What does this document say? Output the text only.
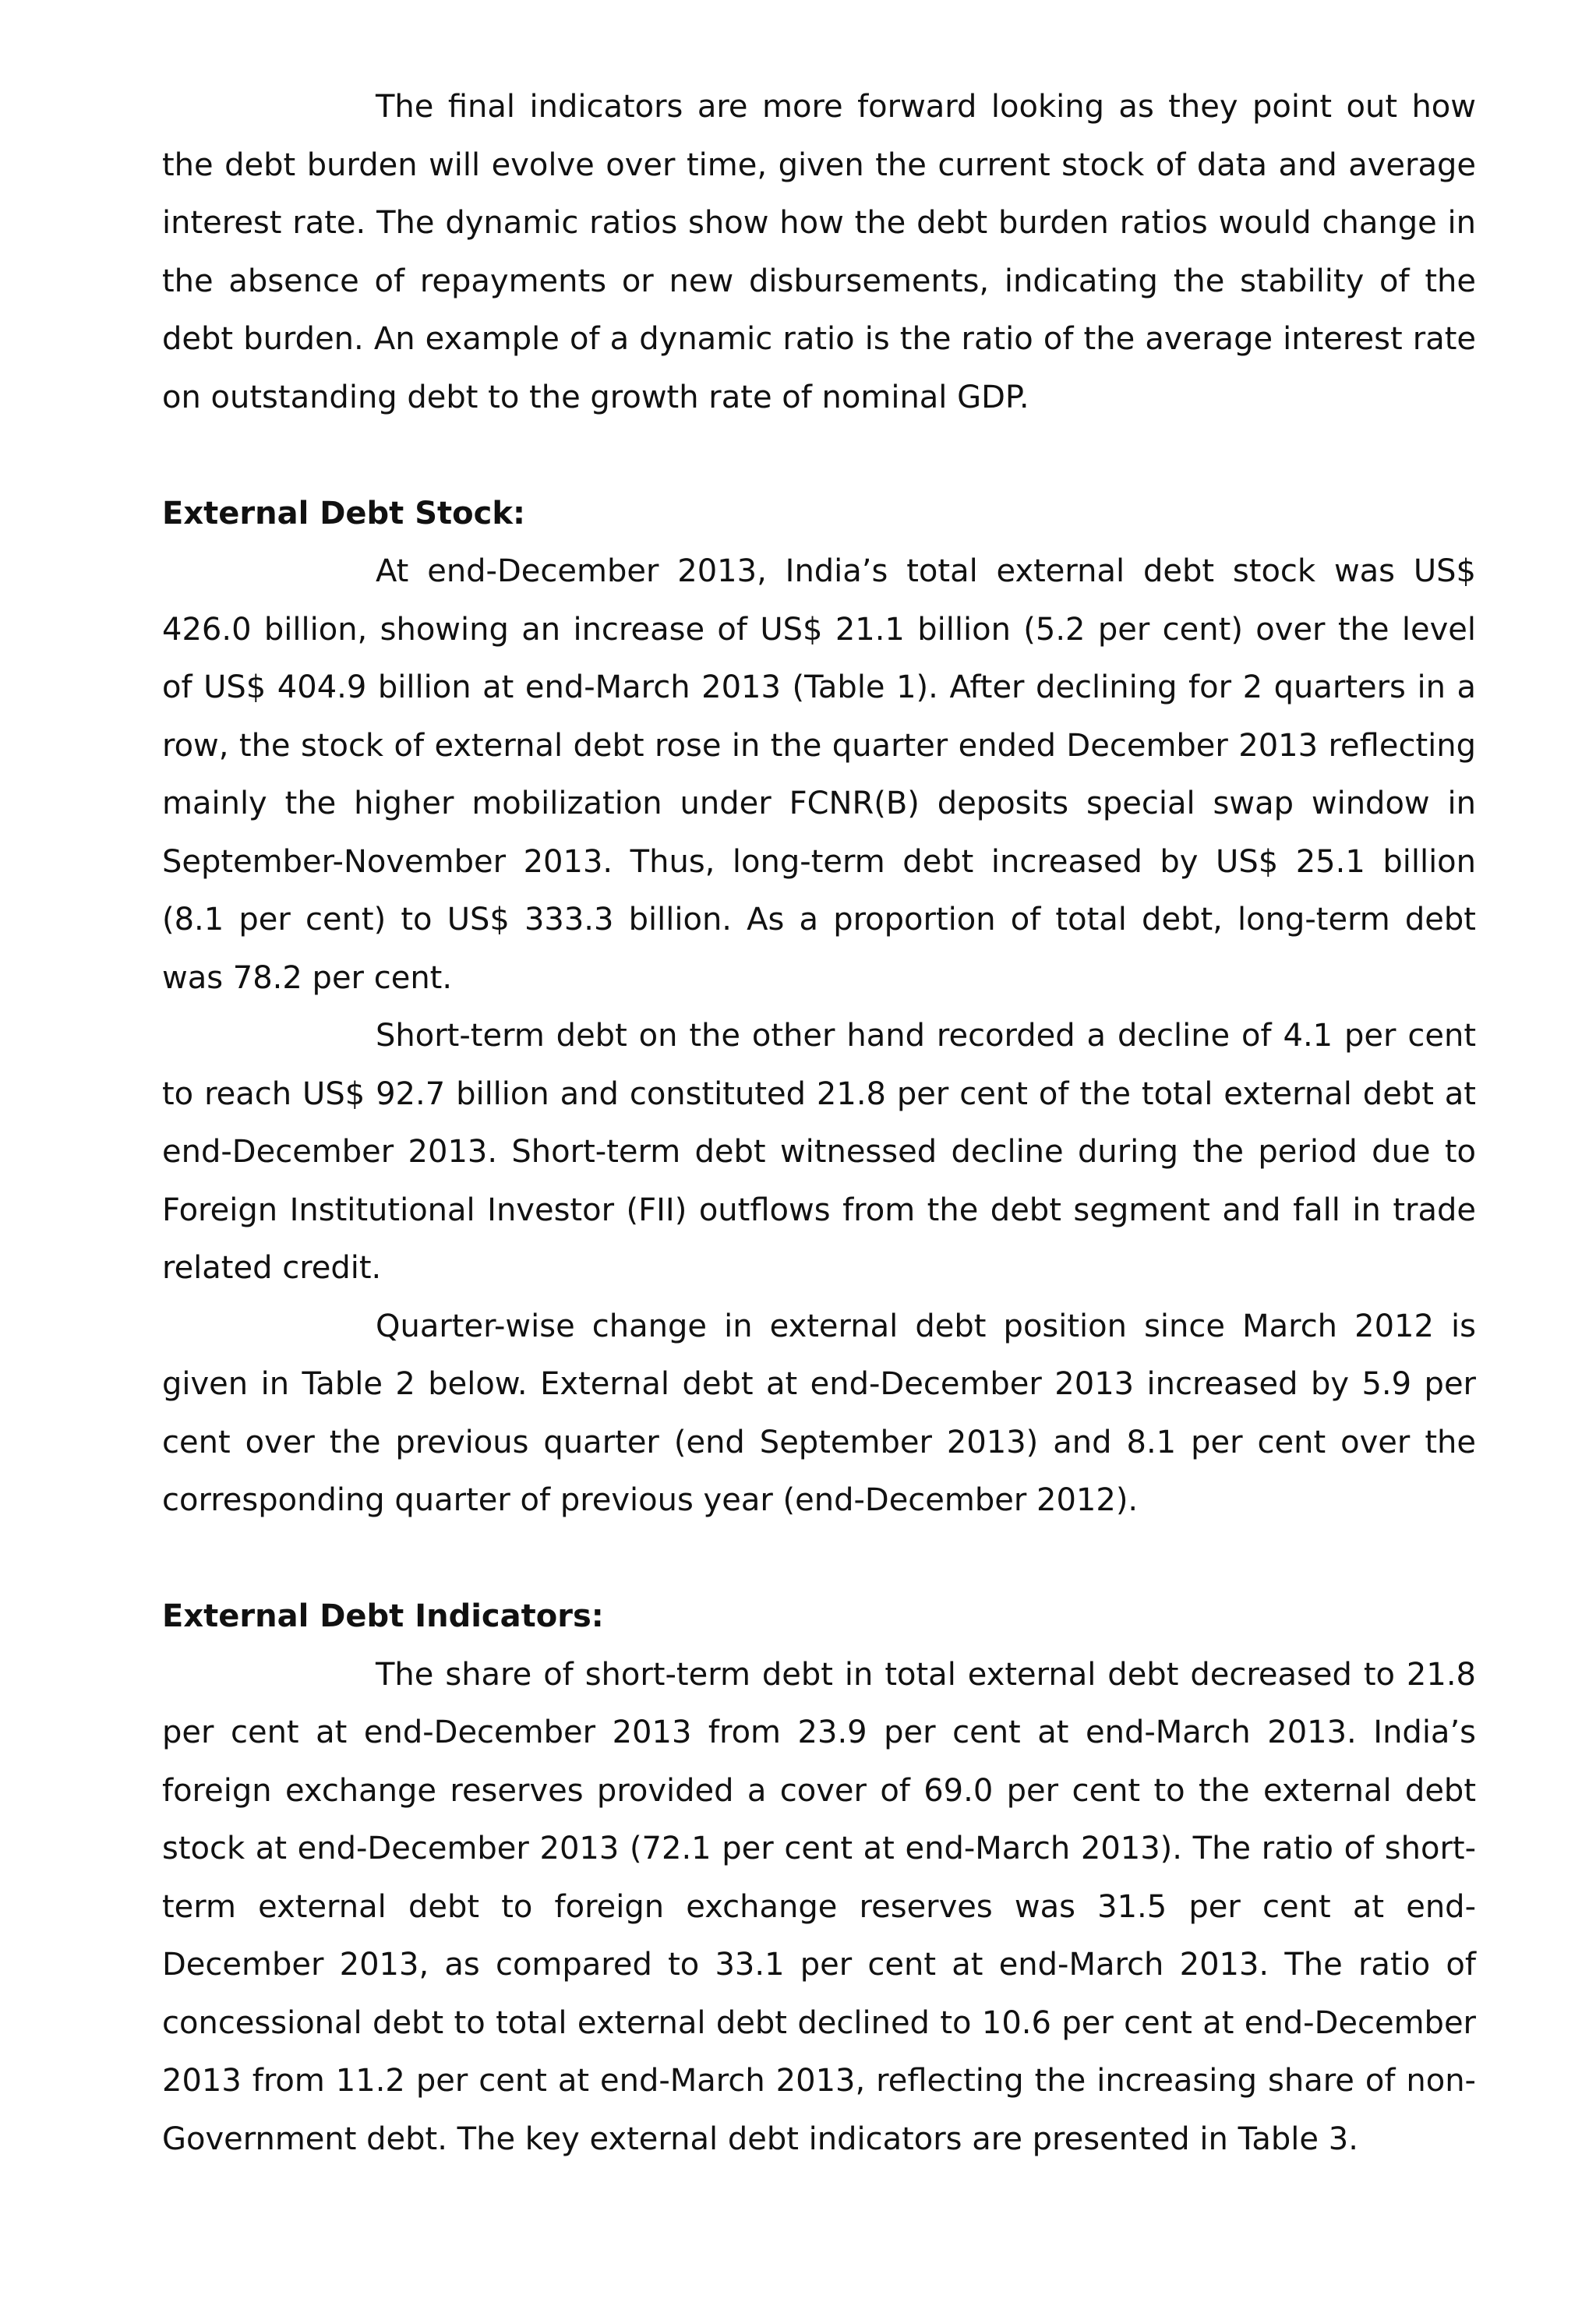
The final indicators are more forward looking as they point out how the debt burden will evolve over time, given the current stock of data and average interest rate. The dynamic ratios show how the debt burden ratios would change in the absence of repayments or new disbursements, indicating the stability of the debt burden. An example of a dynamic ratio is the ratio of the average interest rate on outstanding debt to the growth rate of nominal GDP.

External Debt Stock:

At end-December 2013, India’s total external debt stock was US$ 426.0 billion, showing an increase of US$ 21.1 billion (5.2 per cent) over the level of US$ 404.9 billion at end-March 2013 (Table 1). After declining for 2 quarters in a row, the stock of external debt rose in the quarter ended December 2013 reflecting mainly the higher mobilization under FCNR(B) deposits special swap window in September-November 2013. Thus, long-term debt increased by US$ 25.1 billion (8.1 per cent) to US$ 333.3 billion. As a proportion of total debt, long-term debt was 78.2 per cent.

Short-term debt on the other hand recorded a decline of 4.1 per cent to reach US$ 92.7 billion and constituted 21.8 per cent of the total external debt at end-December 2013. Short-term debt witnessed decline during the period due to Foreign Institutional Investor (FII) outflows from the debt segment and fall in trade related credit.

Quarter-wise change in external debt position since March 2012 is given in Table 2 below. External debt at end-December 2013 increased by 5.9 per cent over the previous quarter (end September 2013) and 8.1 per cent over the corresponding quarter of previous year (end-December 2012).

External Debt Indicators:

The share of short-term debt in total external debt decreased to 21.8 per cent at end-December 2013 from 23.9 per cent at end-March 2013. India’s foreign exchange reserves provided a cover of 69.0 per cent to the external debt stock at end-December 2013 (72.1 per cent at end-March 2013). The ratio of short-term external debt to foreign exchange reserves was 31.5 per cent at end-December 2013, as compared to 33.1 per cent at end-March 2013. The ratio of concessional debt to total external debt declined to 10.6 per cent at end-December 2013 from 11.2 per cent at end-March 2013, reflecting the increasing share of non-Government debt. The key external debt indicators are presented in Table 3.
